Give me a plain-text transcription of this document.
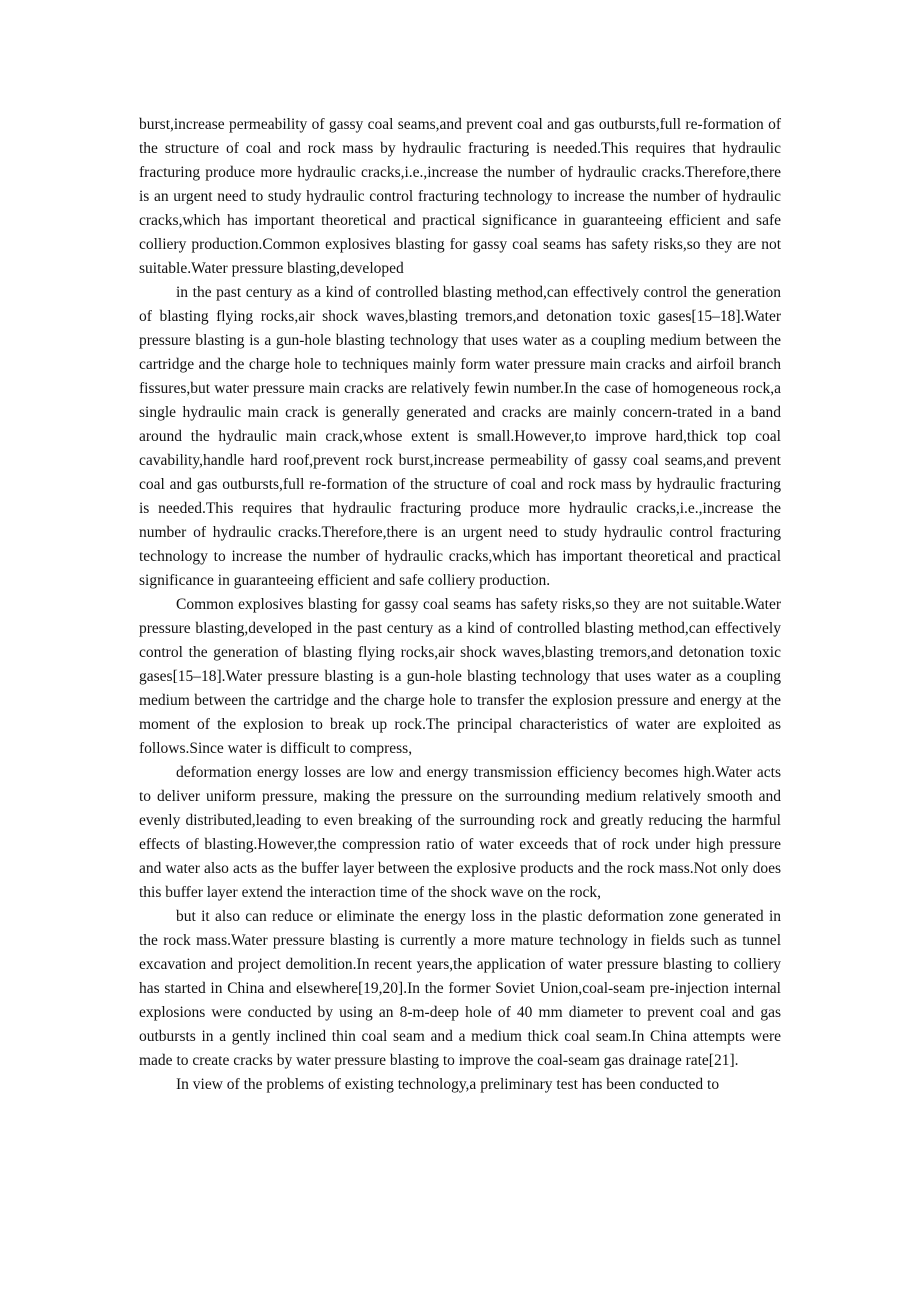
burst,increase permeability of gassy coal seams,and prevent coal and gas outbursts,full re-formation of the structure of coal and rock mass by hydraulic fracturing is needed.This requires that hydraulic fracturing produce more hydraulic cracks,i.e.,increase the number of hydraulic cracks.Therefore,there is an urgent need to study hydraulic control fracturing technology to increase the number of hydraulic cracks,which has important theoretical and practical significance in guaranteeing efficient and safe colliery production.Common explosives blasting for gassy coal seams has safety risks,so they are not suitable.Water pressure blasting,developed

in the past century as a kind of controlled blasting method,can effectively control the generation of blasting flying rocks,air shock waves,blasting tremors,and detonation toxic gases[15–18].Water pressure blasting is a gun-hole blasting technology that uses water as a coupling medium between the cartridge and the charge hole to techniques mainly form water pressure main cracks and airfoil branch fissures,but water pressure main cracks are relatively fewin number.In the case of homogeneous rock,a single hydraulic main crack is generally generated and cracks are mainly concern-trated in a band around the hydraulic main crack,whose extent is small.However,to improve hard,thick top coal cavability,handle hard roof,prevent rock burst,increase permeability of gassy coal seams,and prevent coal and gas outbursts,full re-formation of the structure of coal and rock mass by hydraulic fracturing is needed.This requires that hydraulic fracturing produce more hydraulic cracks,i.e.,increase the number of hydraulic cracks.Therefore,there is an urgent need to study hydraulic control fracturing technology to increase the number of hydraulic cracks,which has important theoretical and practical significance in guaranteeing efficient and safe colliery production.

Common explosives blasting for gassy coal seams has safety risks,so they are not suitable.Water pressure blasting,developed in the past century as a kind of controlled blasting method,can effectively control the generation of blasting flying rocks,air shock waves,blasting tremors,and detonation toxic gases[15–18].Water pressure blasting is a gun-hole blasting technology that uses water as a coupling medium between the cartridge and the charge hole to transfer the explosion pressure and energy at the moment of the explosion to break up rock.The principal characteristics of water are exploited as follows.Since water is difficult to compress,

deformation energy losses are low and energy transmission efficiency becomes high.Water acts to deliver uniform pressure, making the pressure on the surrounding medium relatively smooth and evenly distributed,leading to even breaking of the surrounding rock and greatly reducing the harmful effects of blasting.However,the compression ratio of water exceeds that of rock under high pressure and water also acts as the buffer layer between the explosive products and the rock mass.Not only does this buffer layer extend the interaction time of the shock wave on the rock,

but it also can reduce or eliminate the energy loss in the plastic deformation zone generated in the rock mass.Water pressure blasting is currently a more mature technology in fields such as tunnel excavation and project demolition.In recent years,the application of water pressure blasting to colliery has started in China and elsewhere[19,20].In the former Soviet Union,coal-seam pre-injection internal explosions were conducted by using an 8-m-deep hole of 40 mm diameter to prevent coal and gas outbursts in a gently inclined thin coal seam and a medium thick coal seam.In China attempts were made to create cracks by water pressure blasting to improve the coal-seam gas drainage rate[21].

In view of the problems of existing technology,a preliminary test has been conducted to
